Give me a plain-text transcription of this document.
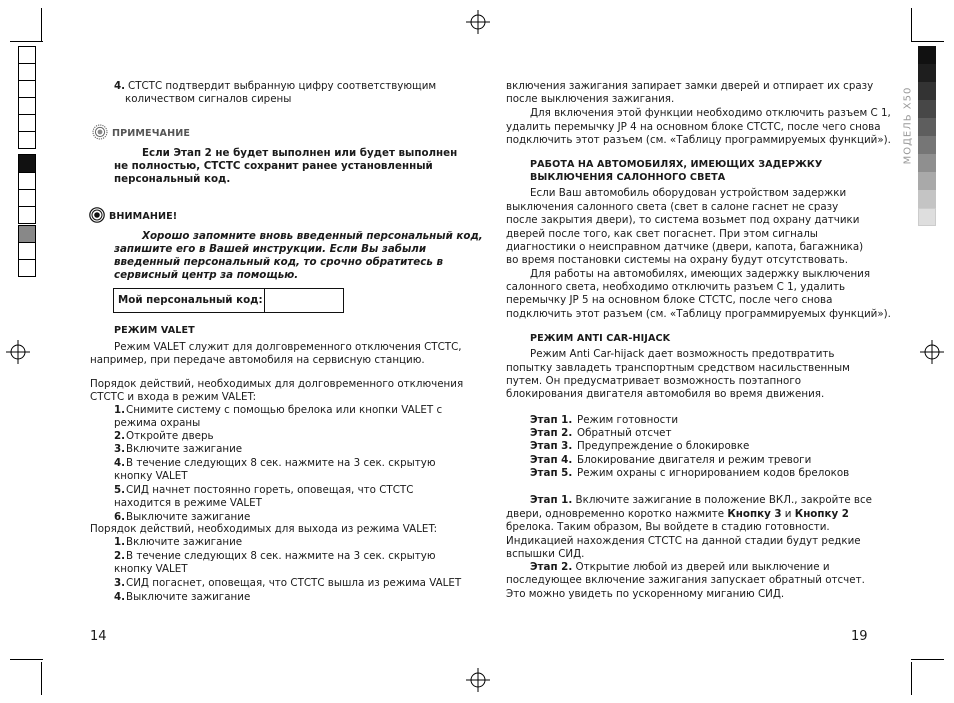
МОДЕЛЬ X50
4. СТСТС подтвердит выбранную цифру соответствующим
количеством сигналов сирены
ПРИМЕЧАНИЕ
Если Этап 2 не будет выполнен или будет выполнен
не полностью, СТСТС сохранит ранее установленный
персональный код.
ВНИМАНИЕ!
Хорошо запомните вновь введенный персональный код,
запишите его в Вашей инструкции. Если Вы забыли
введенный персональный код, то срочно обратитесь в
сервисный центр за помощью.
Мой персональный код:
РЕЖИМ VALET
Режим VALET служит для долговременного отключения СТСТС,
например, при передаче автомобиля на сервисную станцию.
Порядок действий, необходимых для долговременного отключения
СТСТС и входа в режим VALET:
1. Снимите систему с помощью брелока или кнопки VALET с
режима охраны
2. Откройте дверь
3. Включите зажигание
4. В течение следующих 8 сек. нажмите на 3 сек. скрытую
кнопку VALET
5. СИД начнет постоянно гореть, оповещая, что СТСТС
находится в режиме VALET
6. Выключите зажигание
Порядок действий, необходимых для выхода из режима VALET:
1. Включите зажигание
2. В течение следующих 8 сек. нажмите на 3 сек. скрытую
кнопку VALET
3. СИД погаснет, оповещая, что СТСТС вышла из режима VALET
4. Выключите зажигание
14
включения зажигания запирает замки дверей и отпирает их сразу
после выключения зажигания.
Для включения этой функции необходимо отключить разъем С 1,
удалить перемычку JP 4 на основном блоке СТСТС, после чего снова
подключить этот разъем (см. «Таблицу программируемых функций»).
РАБОТА НА АВТОМОБИЛЯХ, ИМЕЮЩИХ ЗАДЕРЖКУ
ВЫКЛЮЧЕНИЯ САЛОННОГО СВЕТА
Если Ваш автомобиль оборудован устройством задержки
выключения салонного света (свет в салоне гаснет не сразу
после закрытия двери), то система возьмет под охрану датчики
дверей после того, как свет погаснет. При этом сигналы
диагностики о неисправном датчике (двери, капота, багажника)
во время постановки системы на охрану будут отсутствовать.
Для работы на автомобилях, имеющих задержку выключения
салонного света, необходимо отключить разъем С 1, удалить
перемычку JP 5 на основном блоке СТСТС, после чего снова
подключить этот разъем (см. «Таблицу программируемых функций»).
РЕЖИМ ANTI CAR-HIJACK
Режим Anti Car-hijack дает возможность предотвратить
попытку завладеть транспортным средством насильственным
путем. Он предусматривает возможность поэтапного
блокирования двигателя автомобиля во время движения.
Этап 1. Режим готовности
Этап 2. Обратный отсчет
Этап 3. Предупреждение о блокировке
Этап 4. Блокирование двигателя и режим тревоги
Этап 5. Режим охраны с игнорированием кодов брелоков
Этап 1. Включите зажигание в положение ВКЛ., закройте все
двери, одновременно коротко нажмите Кнопку 3 и Кнопку 2
брелока. Таким образом, Вы войдете в стадию готовности.
Индикацией нахождения СТСТС на данной стадии будут редкие
вспышки СИД.
Этап 2. Открытие любой из дверей или выключение и
последующее включение зажигания запускает обратный отсчет.
Это можно увидеть по ускоренному миганию СИД.
19
